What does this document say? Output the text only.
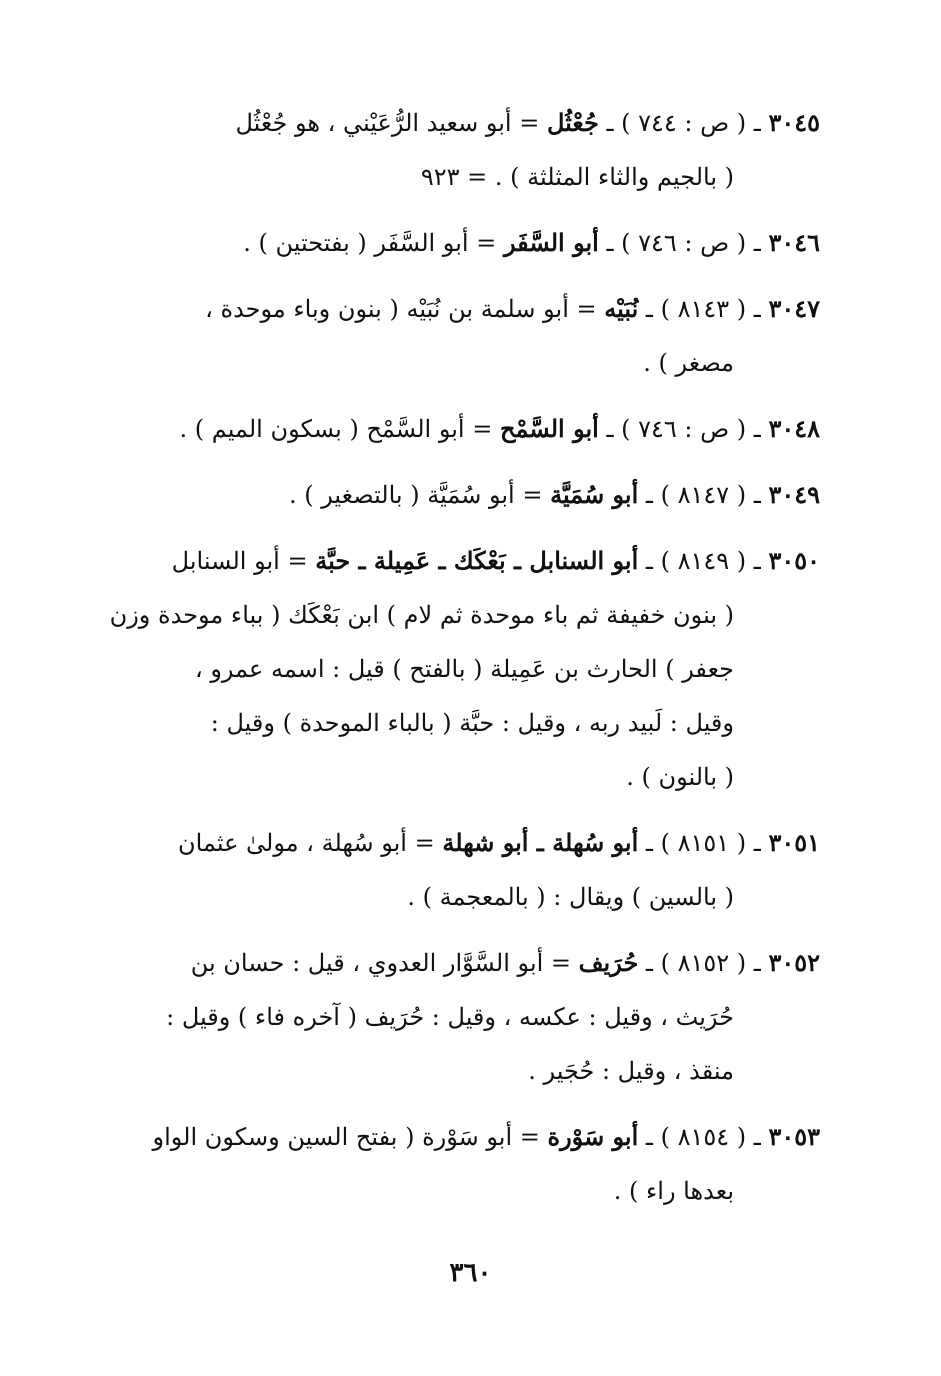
٣٠٤٥ ـ ( ص : ٧٤٤ ) ـ جُعْثُل = أبو سعيد الرُّعَيْني ، هو جُعْثُل
( بالجيم والثاء المثلثة ) . = ٩٢٣
٣٠٤٦ ـ ( ص : ٧٤٦ ) ـ أبو السَّفَر = أبو السَّفَر ( بفتحتين ) .
٣٠٤٧ ـ ( ٨١٤٣ ) ـ نُبَيْه = أبو سلمة بن نُبَيْه ( بنون وباء موحدة ،
مصغر ) .
٣٠٤٨ ـ ( ص : ٧٤٦ ) ـ أبو السَّمْح = أبو السَّمْح ( بسكون الميم ) .
٣٠٤٩ ـ ( ٨١٤٧ ) ـ أبو سُمَيَّة = أبو سُمَيَّة ( بالتصغير ) .
٣٠٥٠ ـ ( ٨١٤٩ ) ـ أبو السنابل ـ بَعْكَك ـ عَمِيلة ـ حبَّة = أبو السنابل
( بنون خفيفة ثم باء موحدة ثم لام ) ابن بَعْكَك ( بباء موحدة وزن
جعفر ) الحارث بن عَمِيلة ( بالفتح ) قيل : اسمه عمرو ،
وقيل : لَبيد ربه ، وقيل : حبَّة ( بالباء الموحدة ) وقيل :
( بالنون ) .
٣٠٥١ ـ ( ٨١٥١ ) ـ أبو سُهلة ـ أبو شهلة = أبو سُهلة ، مولىٰ عثمان
( بالسين ) ويقال : ( بالمعجمة ) .
٣٠٥٢ ـ ( ٨١٥٢ ) ـ حُرَيف = أبو السَّوَّار العدوي ، قيل : حسان بن
حُرَيث ، وقيل : عكسه ، وقيل : حُرَيف ( آخره فاء ) وقيل :
منقذ ، وقيل : حُجَير .
٣٠٥٣ ـ ( ٨١٥٤ ) ـ أبو سَوْرة = أبو سَوْرة ( بفتح السين وسكون الواو
بعدها راء ) .
٣٦٠
